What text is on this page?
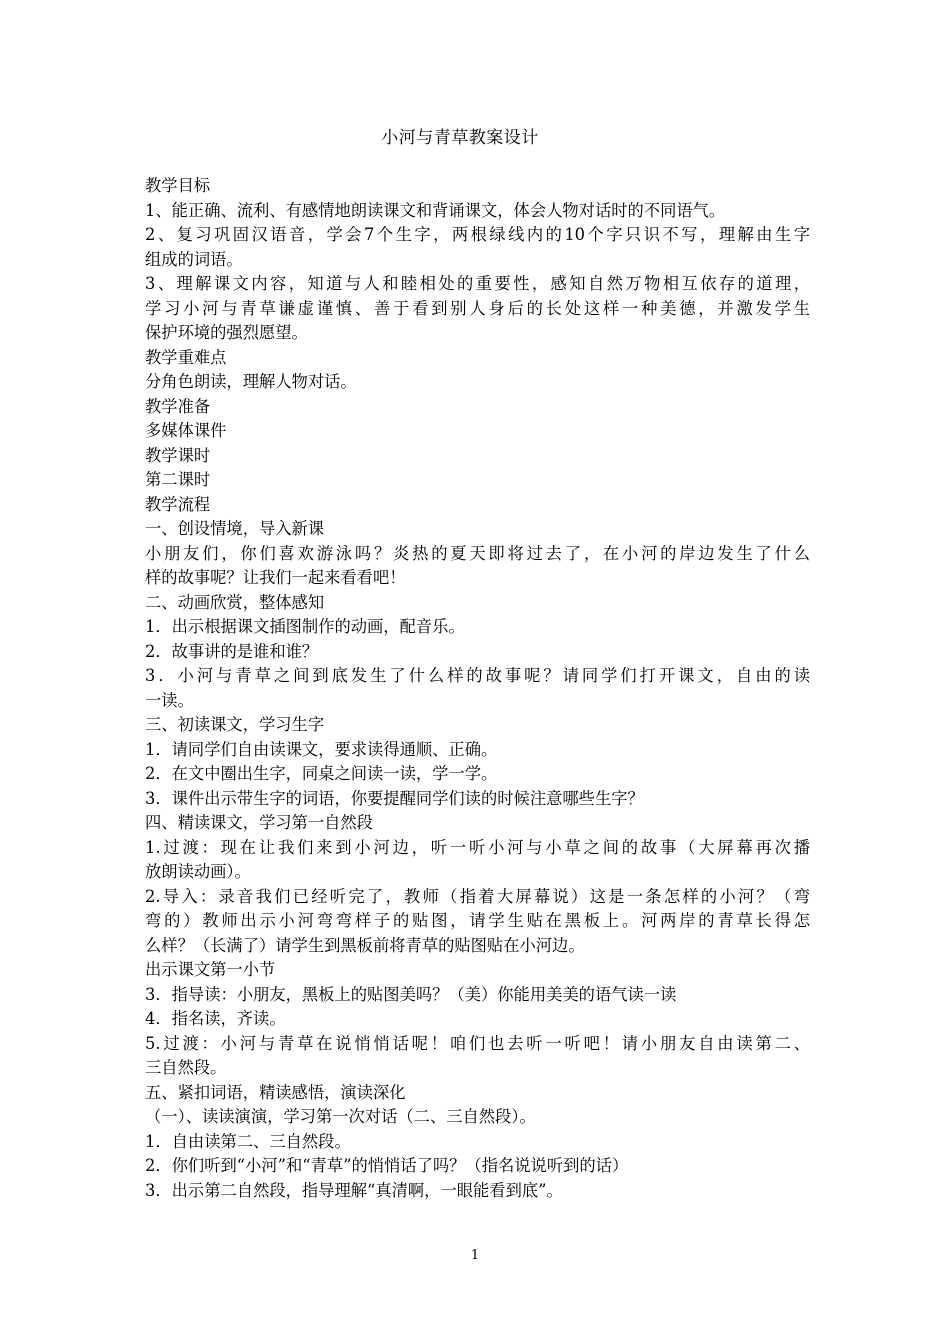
小河与青草教案设计
教学目标
1、能正确、流利、有感情地朗读课文和背诵课文，体会人物对话时的不同语气。
2、复习巩固汉语音，学会7个生字，两根绿线内的10个字只识不写，理解由生字
组成的词语。
3、理解课文内容，知道与人和睦相处的重要性，感知自然万物相互依存的道理，
学习小河与青草谦虚谨慎、善于看到别人身后的长处这样一种美德，并激发学生
保护环境的强烈愿望。
教学重难点
分角色朗读，理解人物对话。
教学准备
多媒体课件
教学课时
第二课时
教学流程
一、创设情境，导入新课
小朋友们，你们喜欢游泳吗？炎热的夏天即将过去了，在小河的岸边发生了什么
样的故事呢？让我们一起来看看吧！
二、动画欣赏，整体感知
1．出示根据课文插图制作的动画，配音乐。
2．故事讲的是谁和谁？
3．小河与青草之间到底发生了什么样的故事呢？请同学们打开课文，自由的读
一读。
三、初读课文，学习生字
1．请同学们自由读课文，要求读得通顺、正确。
2．在文中圈出生字，同桌之间读一读，学一学。
3．课件出示带生字的词语，你要提醒同学们读的时候注意哪些生字？
四、精读课文，学习第一自然段
1.过渡：现在让我们来到小河边，听一听小河与小草之间的故事（大屏幕再次播
放朗读动画）。
2.导入：录音我们已经听完了，教师（指着大屏幕说）这是一条怎样的小河？（弯
弯的）教师出示小河弯弯样子的贴图，请学生贴在黑板上。河两岸的青草长得怎
么样？（长满了）请学生到黑板前将青草的贴图贴在小河边。
出示课文第一小节
3．指导读：小朋友，黑板上的贴图美吗？（美）你能用美美的语气读一读
4．指名读，齐读。
5.过渡：小河与青草在说悄悄话呢！咱们也去听一听吧！请小朋友自由读第二、
三自然段。
五、紧扣词语，精读感悟，演读深化
（一）、读读演演，学习第一次对话（二、三自然段）。
1．自由读第二、三自然段。
2．你们听到“小河”和“青草”的悄悄话了吗？（指名说说听到的话）
3．出示第二自然段，指导理解“真清啊，一眼能看到底”。
1
